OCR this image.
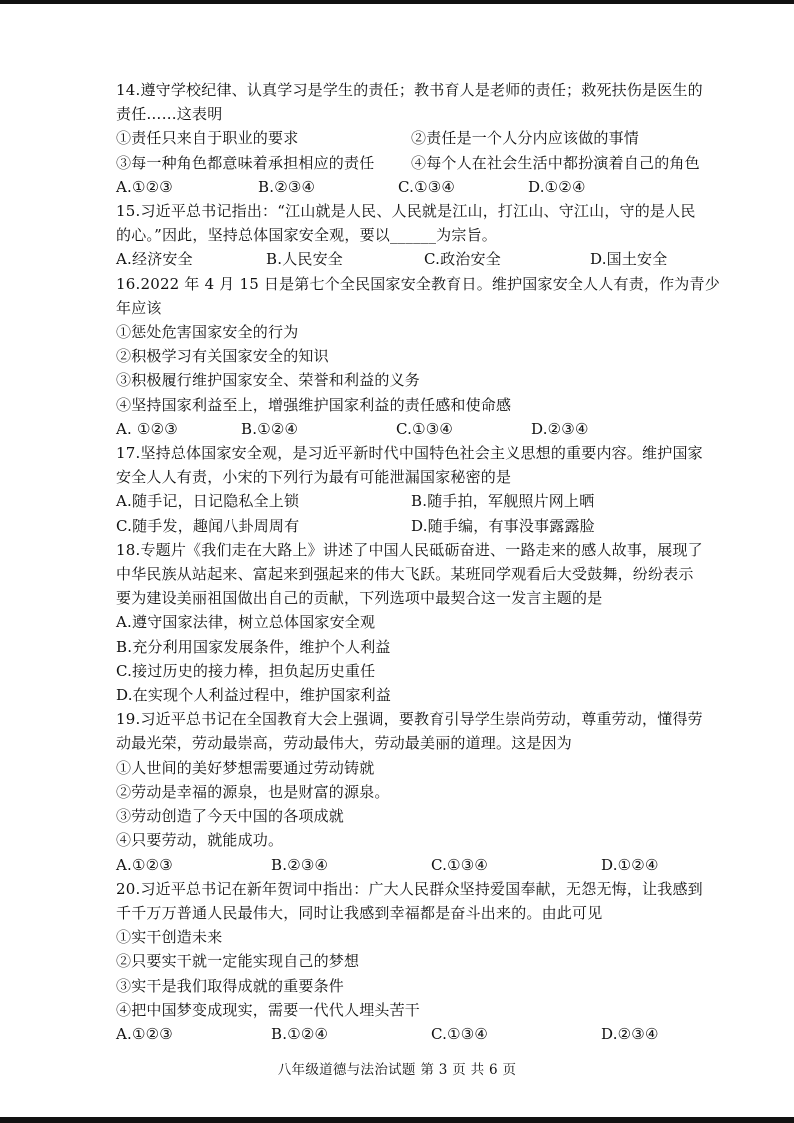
14.遵守学校纪律、认真学习是学生的责任；教书育人是老师的责任；救死扶伤是医生的
责任……这表明
①责任只来自于职业的要求	②责任是一个人分内应该做的事情
③每一种角色都意味着承担相应的责任	④每个人在社会生活中都扮演着自己的角色
A.①②③	B.②③④	C.①③④	D.①②④
15.习近平总书记指出：“江山就是人民、人民就是江山，打江山、守江山，守的是人民
的心。”因此，坚持总体国家安全观，要以______为宗旨。
A.经济安全	B.人民安全	C.政治安全	D.国土安全
16.2022 年 4 月 15 日是第七个全民国家安全教育日。维护国家安全人人有责，作为青少
年应该
①惩处危害国家安全的行为
②积极学习有关国家安全的知识
③积极履行维护国家安全、荣誉和利益的义务
④坚持国家利益至上，增强维护国家利益的责任感和使命感
A. ①②③	B.①②④	C.①③④	D.②③④
17.坚持总体国家安全观，是习近平新时代中国特色社会主义思想的重要内容。维护国家
安全人人有责，小宋的下列行为最有可能泄漏国家秘密的是
A.随手记，日记隐私全上锁	B.随手拍，军舰照片网上晒
C.随手发，趣闻八卦周周有	D.随手编，有事没事露露脸
18.专题片《我们走在大路上》讲述了中国人民砥砺奋进、一路走来的感人故事，展现了
中华民族从站起来、富起来到强起来的伟大飞跃。某班同学观看后大受鼓舞，纷纷表示
要为建设美丽祖国做出自己的贡献，下列选项中最契合这一发言主题的是
A.遵守国家法律，树立总体国家安全观
B.充分利用国家发展条件，维护个人利益
C.接过历史的接力棒，担负起历史重任
D.在实现个人利益过程中，维护国家利益
19.习近平总书记在全国教育大会上强调，要教育引导学生崇尚劳动，尊重劳动，懂得劳
动最光荣，劳动最崇高，劳动最伟大，劳动最美丽的道理。这是因为
①人世间的美好梦想需要通过劳动铸就
②劳动是幸福的源泉，也是财富的源泉。
③劳动创造了今天中国的各项成就
④只要劳动，就能成功。
A.①②③	B.②③④	C.①③④	D.①②④
20.习近平总书记在新年贺词中指出：广大人民群众坚持爱国奉献，无怨无悔，让我感到
千千万万普通人民最伟大，同时让我感到幸福都是奋斗出来的。由此可见
①实干创造未来
②只要实干就一定能实现自己的梦想
③实干是我们取得成就的重要条件
④把中国梦变成现实，需要一代代人埋头苦干
A.①②③	B.①②④	C.①③④	D.②③④
八年级道德与法治试题 第 3 页 共 6 页
